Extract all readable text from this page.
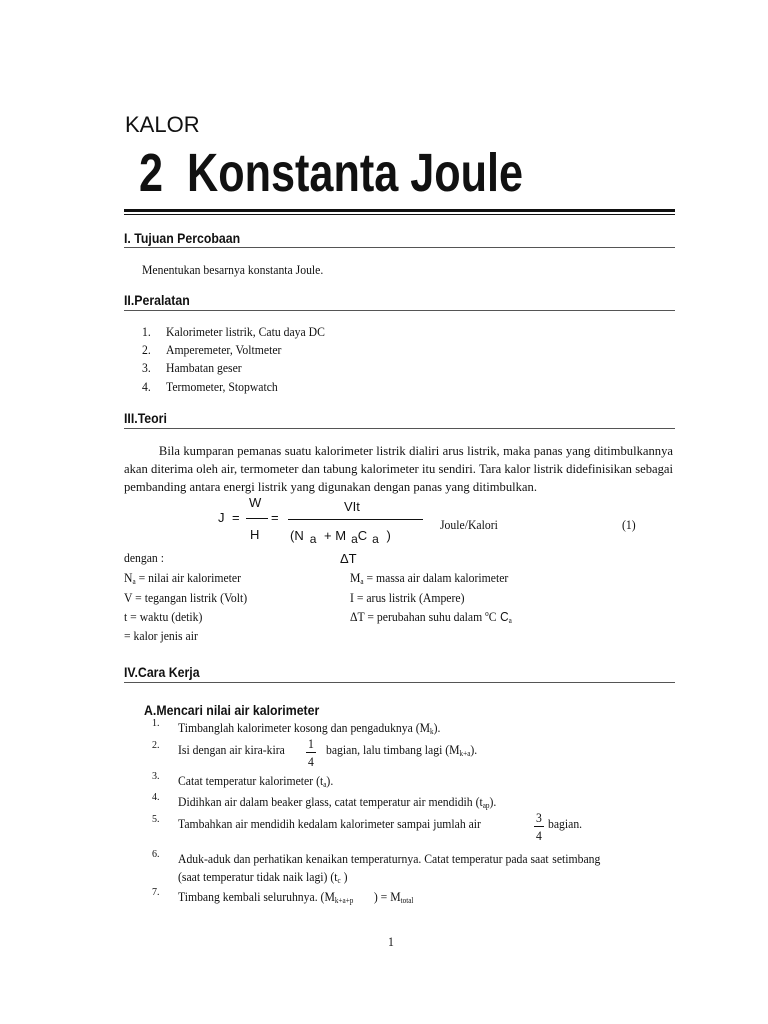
KALOR
2 Konstanta Joule
I. Tujuan Percobaan
Menentukan besarnya konstanta Joule.
II.Peralatan
1. Kalorimeter listrik, Catu daya DC
2. Amperemeter, Voltmeter
3. Hambatan geser
4. Termometer, Stopwatch
III.Teori
Bila kumparan pemanas suatu kalorimeter listrik dialiri arus listrik, maka panas yang ditimbulkannya akan diterima oleh air, termometer dan tabung kalorimeter itu sendiri. Tara kalor listrik didefinisikan sebagai pembanding antara energi listrik yang digunakan dengan panas yang ditimbulkan.
J =
W
H
=
VIt
(N a + M aC a )
Joule/Kalori	(1)
ΔT
dengan :
$N_a$ = nilai air kalorimeter
V = tegangan listrik (Volt)
t = waktu (detik)
$M_a$ = massa air dalam kalorimeter
I = arus listrik (Ampere)
ΔT = perubahan suhu dalam $^o$C $C_a$
= kalor jenis air
IV.Cara Kerja
A.Mencari nilai air kalorimeter
1. Timbanglah kalorimeter kosong dan pengaduknya $(M_k)$.
2.	1
4
bagian, lalu timbang lagi $(M_{k+a})$.
Isi dengan air kira-kira
3. Catat temperatur kalorimeter $(t_a)$.
4. Didihkan air dalam beaker glass, catat temperatur air mendidih $(t_{ap})$.
5.	3
4
bagian.
Tambahkan air mendidih kedalam kalorimeter sampai jumlah air
6. Aduk-aduk dan perhatikan kenaikan temperaturnya. Catat temperatur pada saat setimbang
(saat temperatur tidak naik lagi) ($t_c$ )
7. Timbang kembali seluruhnya. ($M_{k+a+p}$       ) = $M_{total}$
1
